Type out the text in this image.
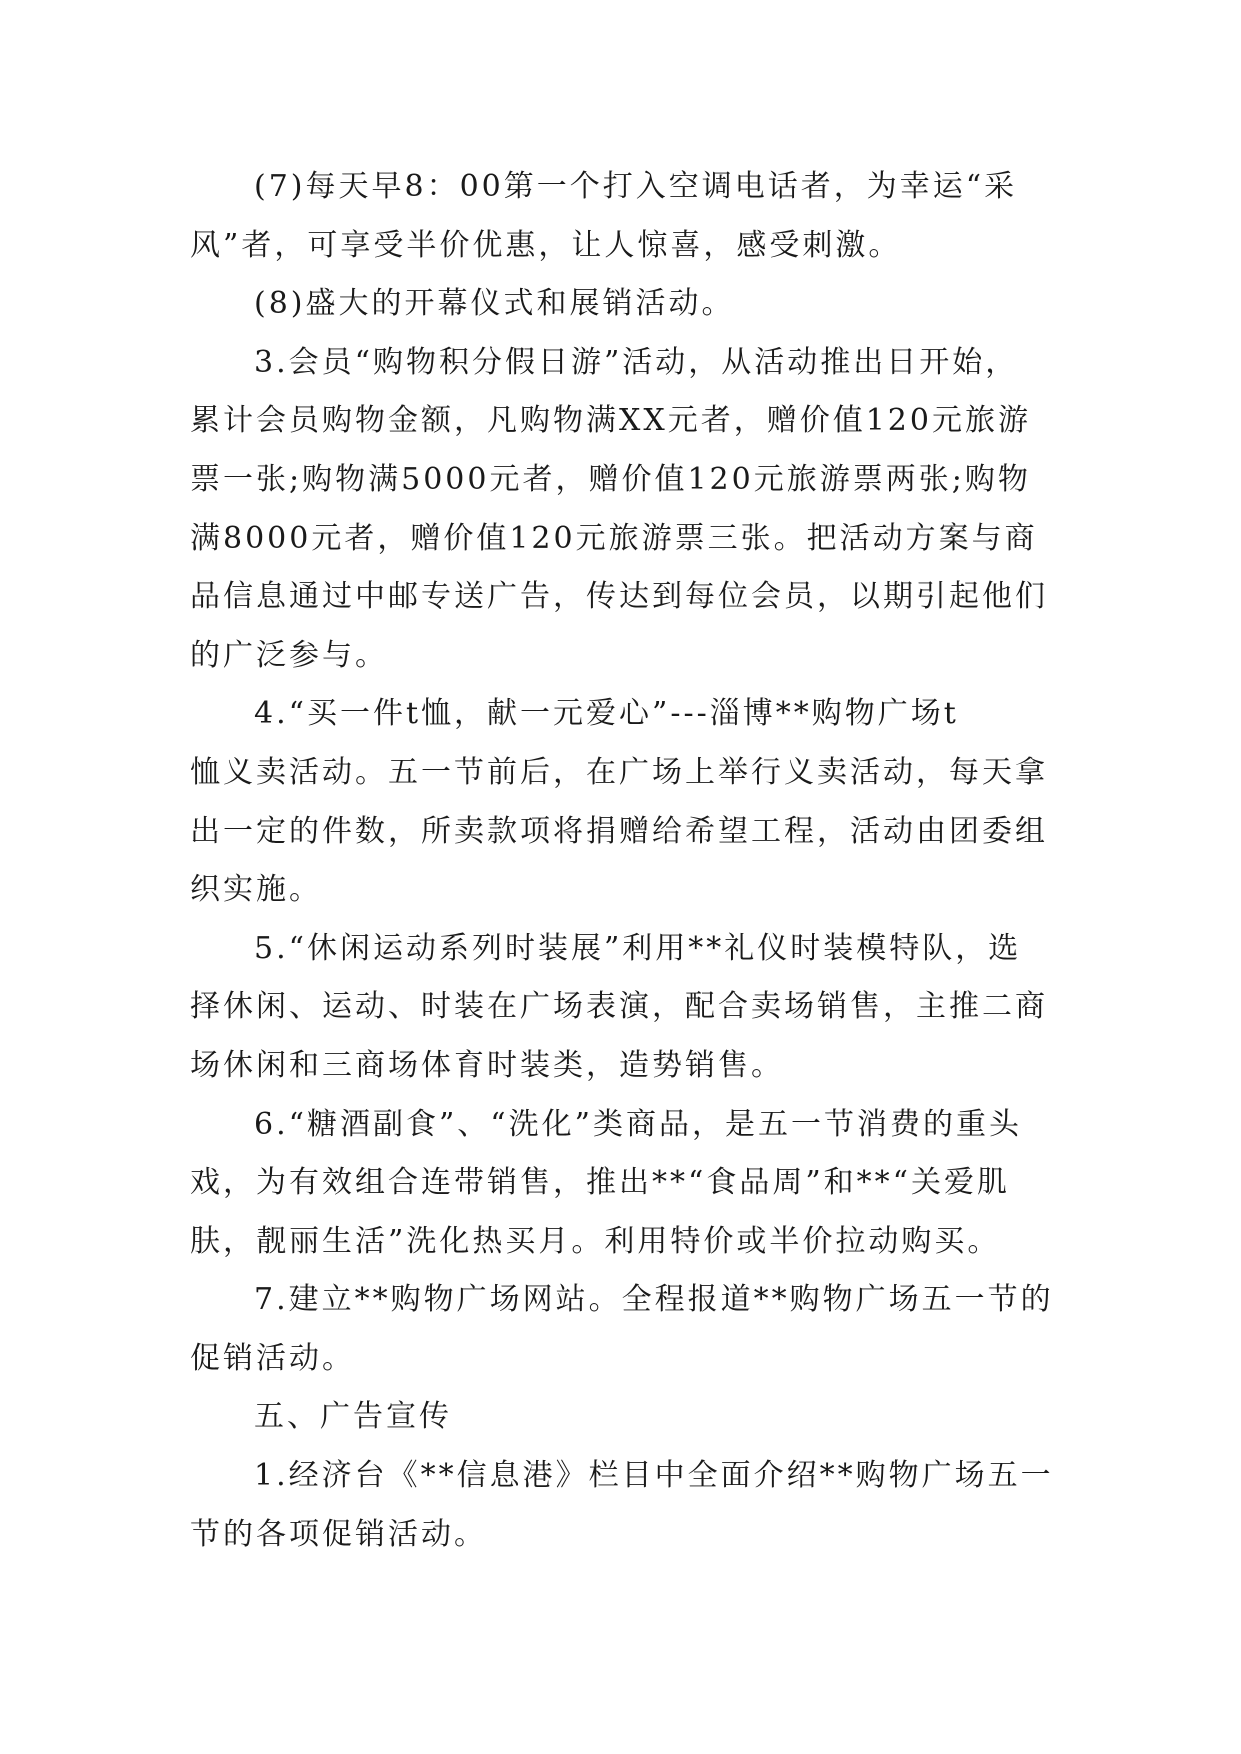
(7)每天早8：00第一个打入空调电话者，为幸运“采
风”者，可享受半价优惠，让人惊喜，感受刺激。
(8)盛大的开幕仪式和展销活动。
3.会员“购物积分假日游”活动，从活动推出日开始，
累计会员购物金额，凡购物满XX元者，赠价值120元旅游
票一张;购物满5000元者，赠价值120元旅游票两张;购物
满8000元者，赠价值120元旅游票三张。把活动方案与商
品信息通过中邮专送广告，传达到每位会员，以期引起他们
的广泛参与。
4.“买一件t恤，献一元爱心”---淄博**购物广场t
恤义卖活动。五一节前后，在广场上举行义卖活动，每天拿
出一定的件数，所卖款项将捐赠给希望工程，活动由团委组
织实施。
5.“休闲运动系列时装展”利用**礼仪时装模特队，选
择休闲、运动、时装在广场表演，配合卖场销售，主推二商
场休闲和三商场体育时装类，造势销售。
6.“糖酒副食”、“洗化”类商品，是五一节消费的重头
戏，为有效组合连带销售，推出**“食品周”和**“关爱肌
肤，靓丽生活”洗化热买月。利用特价或半价拉动购买。
7.建立**购物广场网站。全程报道**购物广场五一节的
促销活动。
五、广告宣传
1.经济台《**信息港》栏目中全面介绍**购物广场五一
节的各项促销活动。
